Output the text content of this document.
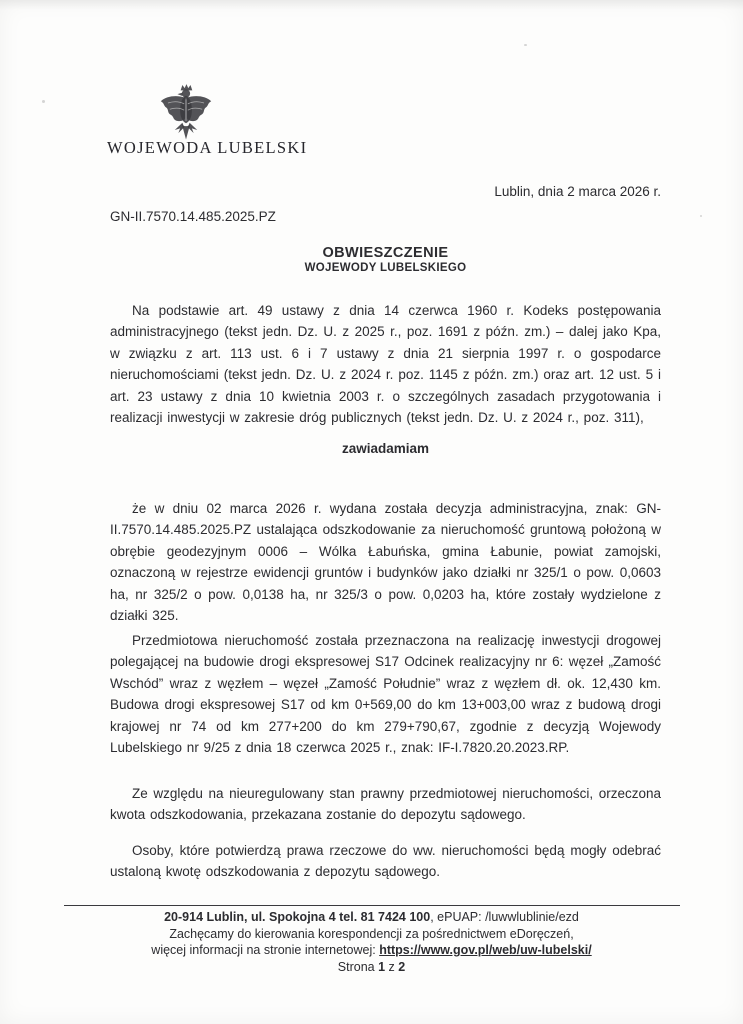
WOJEWODA LUBELSKI
Lublin, dnia 2 marca 2026 r.
GN-II.7570.14.485.2025.PZ
OBWIESZCZENIE
WOJEWODY LUBELSKIEGO

Na podstawie art. 49 ustawy z dnia 14 czerwca 1960 r. Kodeks postępowania administracyjnego (tekst jedn. Dz. U. z 2025 r., poz. 1691 z późn. zm.) – dalej jako Kpa, w związku z art. 113 ust. 6 i 7 ustawy z dnia 21 sierpnia 1997 r. o gospodarce nieruchomościami (tekst jedn. Dz. U. z 2024 r. poz. 1145 z późn. zm.) oraz art. 12 ust. 5 i art. 23 ustawy z dnia 10 kwietnia 2003 r. o szczególnych zasadach przygotowania i realizacji inwestycji w zakresie dróg publicznych (tekst jedn. Dz. U. z 2024 r., poz. 311),

zawiadamiam

że w dniu 02 marca 2026 r. wydana została decyzja administracyjna, znak: GN-II.7570.14.485.2025.PZ ustalająca odszkodowanie za nieruchomość gruntową położoną w obrębie geodezyjnym 0006 – Wólka Łabuńska, gmina Łabunie, powiat zamojski, oznaczoną w rejestrze ewidencji gruntów i budynków jako działki nr 325/1 o pow. 0,0603 ha, nr 325/2 o pow. 0,0138 ha, nr 325/3 o pow. 0,0203 ha, które zostały wydzielone z działki 325.

Przedmiotowa nieruchomość została przeznaczona na realizację inwestycji drogowej polegającej na budowie drogi ekspresowej S17 Odcinek realizacyjny nr 6: węzeł „Zamość Wschód” wraz z węzłem – węzeł „Zamość Południe” wraz z węzłem dł. ok. 12,430 km. Budowa drogi ekspresowej S17 od km 0+569,00 do km 13+003,00 wraz z budową drogi krajowej nr 74 od km 277+200 do km 279+790,67, zgodnie z decyzją Wojewody Lubelskiego nr 9/25 z dnia 18 czerwca 2025 r., znak: IF-I.7820.20.2023.RP.

Ze względu na nieuregulowany stan prawny przedmiotowej nieruchomości, orzeczona kwota odszkodowania, przekazana zostanie do depozytu sądowego.

Osoby, które potwierdzą prawa rzeczowe do ww. nieruchomości będą mogły odebrać ustaloną kwotę odszkodowania z depozytu sądowego.

20-914 Lublin, ul. Spokojna 4 tel. 81 7424 100, ePUAP: /luwwlublinie/ezd
Zachęcamy do kierowania korespondencji za pośrednictwem eDoręczeń,
więcej informacji na stronie internetowej: https://www.gov.pl/web/uw-lubelski/
Strona 1 z 2
